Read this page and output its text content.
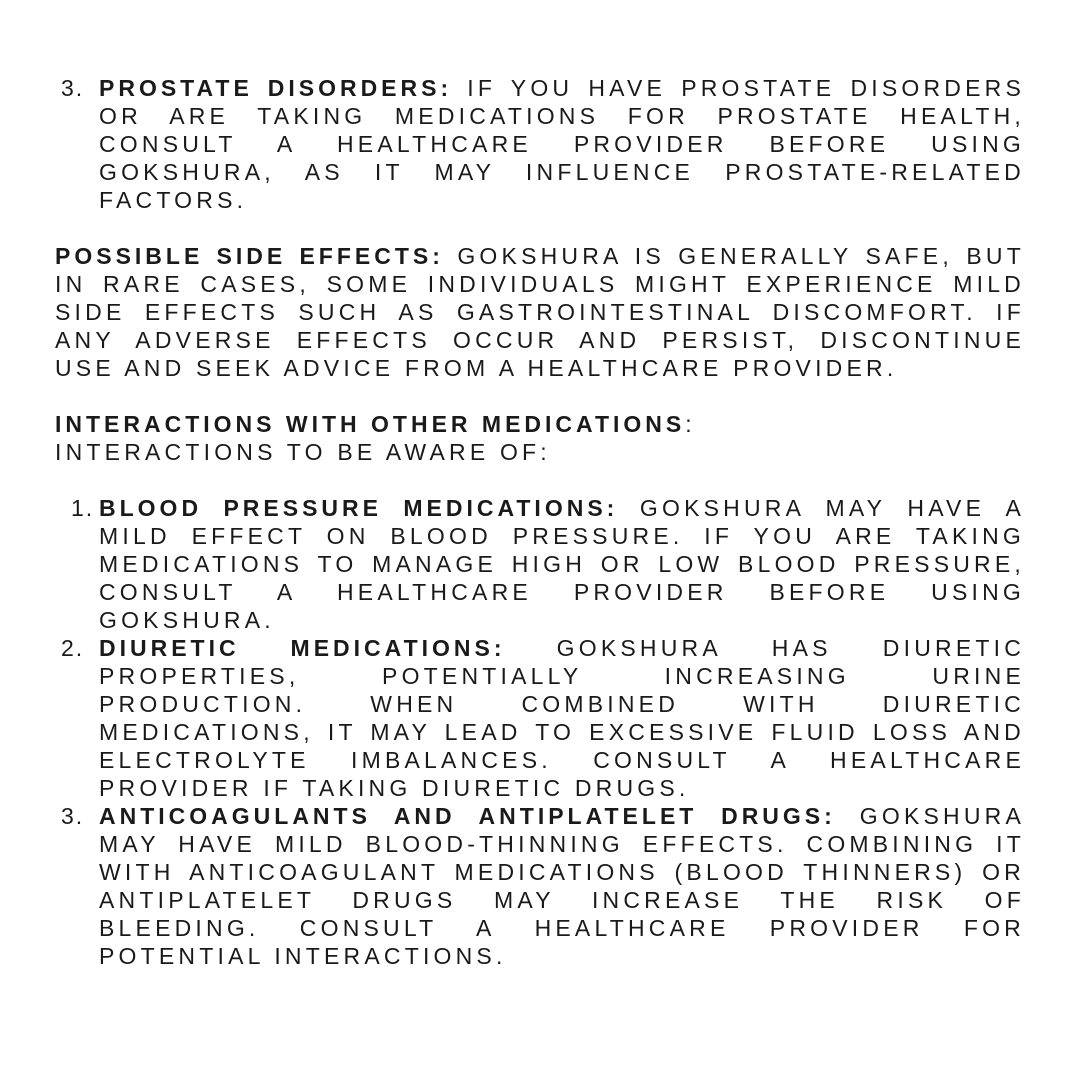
3. PROSTATE DISORDERS: IF YOU HAVE PROSTATE DISORDERS OR ARE TAKING MEDICATIONS FOR PROSTATE HEALTH, CONSULT A HEALTHCARE PROVIDER BEFORE USING GOKSHURA, AS IT MAY INFLUENCE PROSTATE-RELATED FACTORS.

POSSIBLE SIDE EFFECTS: GOKSHURA IS GENERALLY SAFE, BUT IN RARE CASES, SOME INDIVIDUALS MIGHT EXPERIENCE MILD SIDE EFFECTS SUCH AS GASTROINTESTINAL DISCOMFORT. IF ANY ADVERSE EFFECTS OCCUR AND PERSIST, DISCONTINUE USE AND SEEK ADVICE FROM A HEALTHCARE PROVIDER.

INTERACTIONS WITH OTHER MEDICATIONS:
INTERACTIONS TO BE AWARE OF:
1. BLOOD PRESSURE MEDICATIONS: GOKSHURA MAY HAVE A MILD EFFECT ON BLOOD PRESSURE. IF YOU ARE TAKING MEDICATIONS TO MANAGE HIGH OR LOW BLOOD PRESSURE, CONSULT A HEALTHCARE PROVIDER BEFORE USING GOKSHURA.
2. DIURETIC MEDICATIONS: GOKSHURA HAS DIURETIC PROPERTIES, POTENTIALLY INCREASING URINE PRODUCTION. WHEN COMBINED WITH DIURETIC MEDICATIONS, IT MAY LEAD TO EXCESSIVE FLUID LOSS AND ELECTROLYTE IMBALANCES. CONSULT A HEALTHCARE PROVIDER IF TAKING DIURETIC DRUGS.
3. ANTICOAGULANTS AND ANTIPLATELET DRUGS: GOKSHURA MAY HAVE MILD BLOOD-THINNING EFFECTS. COMBINING IT WITH ANTICOAGULANT MEDICATIONS (BLOOD THINNERS) OR ANTIPLATELET DRUGS MAY INCREASE THE RISK OF BLEEDING. CONSULT A HEALTHCARE PROVIDER FOR POTENTIAL INTERACTIONS.
